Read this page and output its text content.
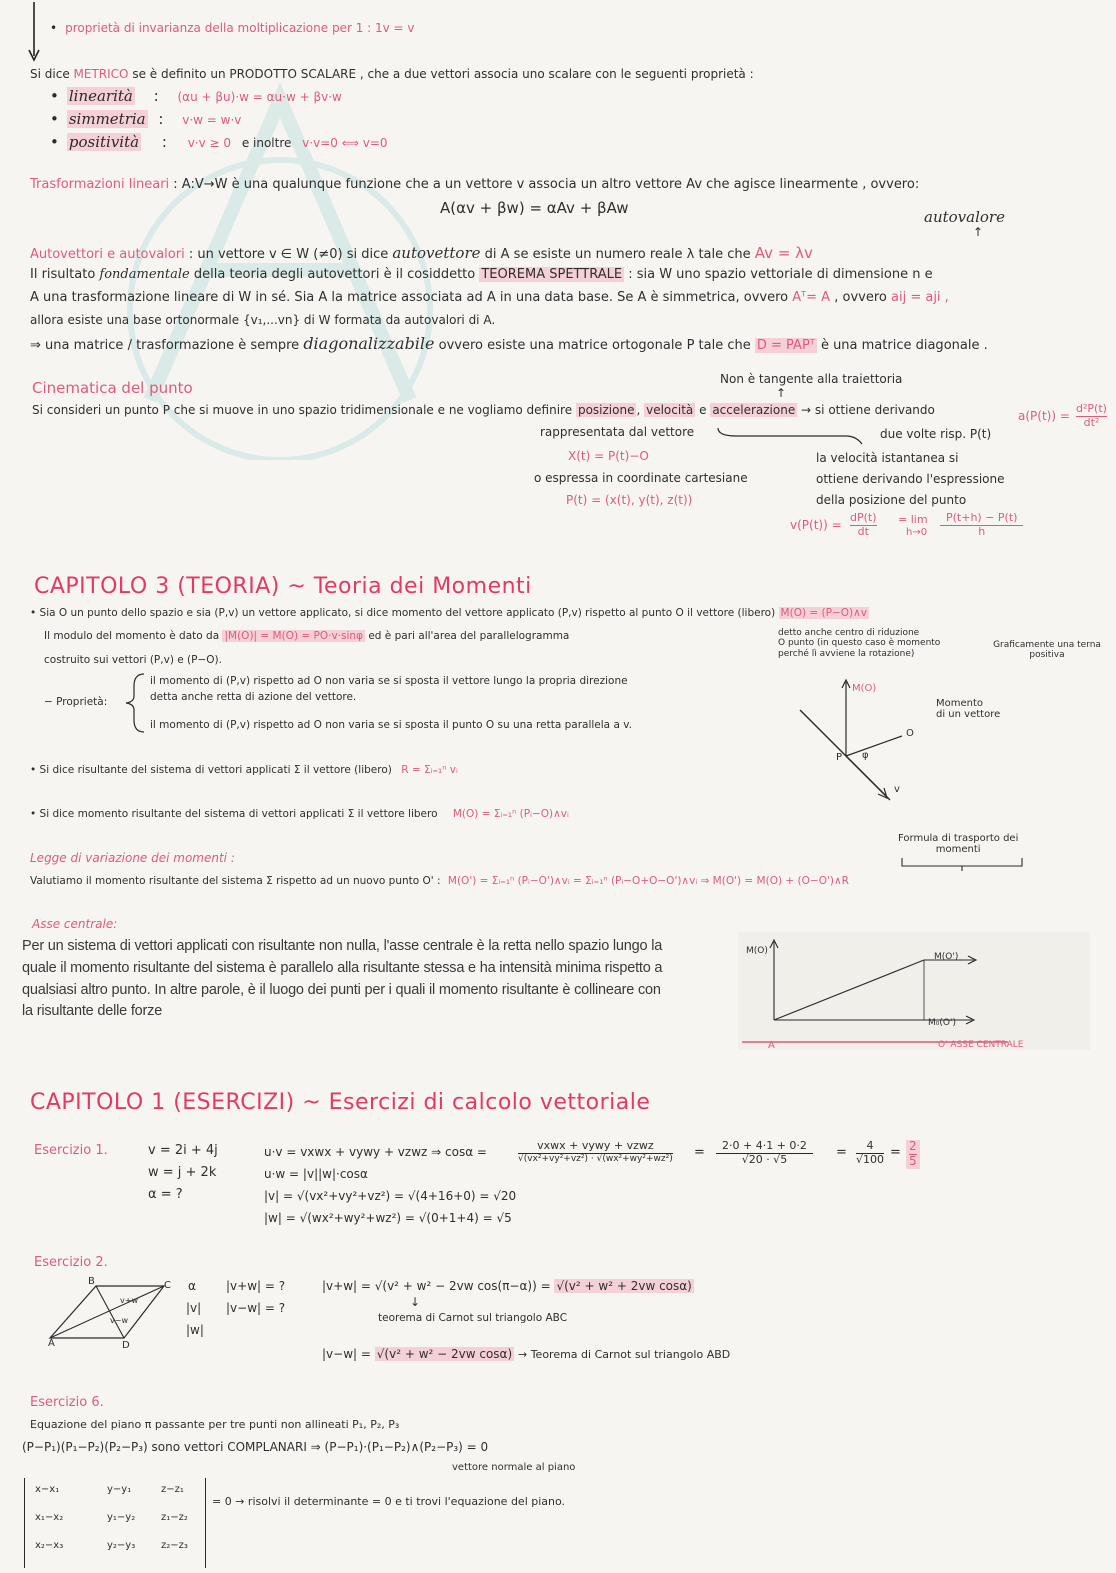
• proprietà di invarianza della moltiplicazione per 1 : 1v = v
Si dice METRICO se è definito un PRODOTTO SCALARE , che a due vettori associa uno scalare con le seguenti proprietà :
• linearità : (αu + βu)·w = αu·w + βv·w
• simmetria : v·w = w·v
• positività : v·v ≥ 0 e inoltre v·v=0 ⟺ v=0
Trasformazioni lineari : A:V→W è una qualunque funzione che a un vettore v associa un altro vettore Av che agisce linearmente , ovvero:
A(αv + βw) = αAv + βAw	autovalore
↑
Autovettori e autovalori : un vettore v ∈ W (≠0) si dice autovettore di A se esiste un numero reale λ tale che Av = λv
Il risultato fondamentale della teoria degli autovettori è il cosiddetto TEOREMA SPETTRALE : sia W uno spazio vettoriale di dimensione n e
A una trasformazione lineare di W in sé. Sia A la matrice associata ad A in una data base. Se A è simmetrica, ovvero Aᵀ= A , ovvero aij = aji ,
allora esiste una base ortonormale {v₁,...vn} di W formata da autovalori di A.
⇒ una matrice / trasformazione è sempre diagonalizzabile ovvero esiste una matrice ortogonale P tale che D = PAPᵀ è una matrice diagonale .
Non è tangente alla traiettoria
↑
Cinematica del punto
Si consideri un punto P che si muove in uno spazio tridimensionale e ne vogliamo definire posizione , velocità e accelerazione → si ottiene derivando	a(P(t)) =
d²P(t)
dt²
rappresentata dal vettore	due volte risp. P(t)
X(t) = P(t)−O	la velocità istantanea si
o espressa in coordinate cartesiane	ottiene derivando l'espressione
P(t) = (x(t), y(t), z(t))	della posizione del punto
v(P(t)) =
dP(t)
dt
= lim
h→0
P(t+h) − P(t)
h
CAPITOLO 3 (TEORIA) ~ Teoria dei Momenti
• Sia O un punto dello spazio e sia (P,v) un vettore applicato, si dice momento del vettore applicato (P,v) rispetto al punto O il vettore (libero) M(O) = (P−O)∧v
Il modulo del momento è dato da |M(O)| = M(O) = PO·v·sinφ ed è pari all'area del parallelogramma
costruito sui vettori (P,v) e (P−O).
detto anche centro di riduzione
O punto (in questo caso è momento
perché lì avviene la rotazione)
Graficamente una terna positiva
− Proprietà:
il momento di (P,v) rispetto ad O non varia se si sposta il vettore lungo la propria direzione
detta anche retta di azione del vettore.
il momento di (P,v) rispetto ad O non varia se si sposta il punto O su una retta parallela a v.
• Si dice risultante del sistema di vettori applicati Σ il vettore (libero) R = Σᵢ₌₁ⁿ vᵢ
• Si dice momento risultante del sistema di vettori applicati Σ il vettore libero M(O) = Σᵢ₌₁ⁿ (Pᵢ−O)∧vᵢ
Legge di variazione dei momenti :
Formula di trasporto dei
momenti
Valutiamo il momento risultante del sistema Σ rispetto ad un nuovo punto O' : M(O') = Σᵢ₌₁ⁿ (Pᵢ−O')∧vᵢ = Σᵢ₌₁ⁿ (Pᵢ−O+O−O')∧vᵢ ⇒ M(O') = M(O) + (O−O')∧R
Asse centrale:
M(O)
Momento
di un vettore
O
P φ
v
Per un sistema di vettori applicati con risultante non nulla, l'asse centrale è la retta nello spazio lungo la
quale il momento risultante del sistema è parallelo alla risultante stessa e ha intensità minima rispetto a
qualsiasi altro punto. In altre parole, è il luogo dei punti per i quali il momento risultante è collineare con
la risultante delle forze
M(O)
M(O')
M₀(O')
A	O' ASSE CENTRALE
CAPITOLO 1 (ESERCIZI) ~ Esercizi di calcolo vettoriale
Esercizio 1.	v = 2i + 4j
w = j + 2k
α = ?
u·v = vxwx + vywy + vzwz ⇒ cosα =	vxwx + vywy + vzwz
√(vx²+vy²+vz²) · √(wx²+wy²+wz²) =	2·0 + 4·1 + 0·2
√20 · √5	=	4
√100 = 2
5
u·w = |v||w|·cosα
|v| = √(vx²+vy²+vz²) = √(4+16+0) = √20
|w| = √(wx²+wy²+wz²) = √(0+1+4) = √5
Esercizio 2.
B	C
A	D
v+w
v−w
α
|v|
|w|
|v+w| = ?
|v−w| = ?
|v+w| = √(v² + w² − 2vw cos(π−α)) = √(v² + w² + 2vw cosα)
↓
teorema di Carnot sul triangolo ABC
|v−w| = √(v² + w² − 2vw cosα) → Teorema di Carnot sul triangolo ABD
Esercizio 6.
Equazione del piano π passante per tre punti non allineati P₁, P₂, P₃
(P−P₁)(P₁−P₂)(P₂−P₃) sono vettori COMPLANARI ⇒ (P−P₁)·(P₁−P₂)∧(P₂−P₃) = 0
vettore normale al piano
x−x₁	y−y₁	z−z₁
x₁−x₂	y₁−y₂	z₁−z₂
x₂−x₃	y₂−y₃	z₂−z₃
= 0 → risolvi il determinante = 0 e ti trovi l'equazione del piano.
